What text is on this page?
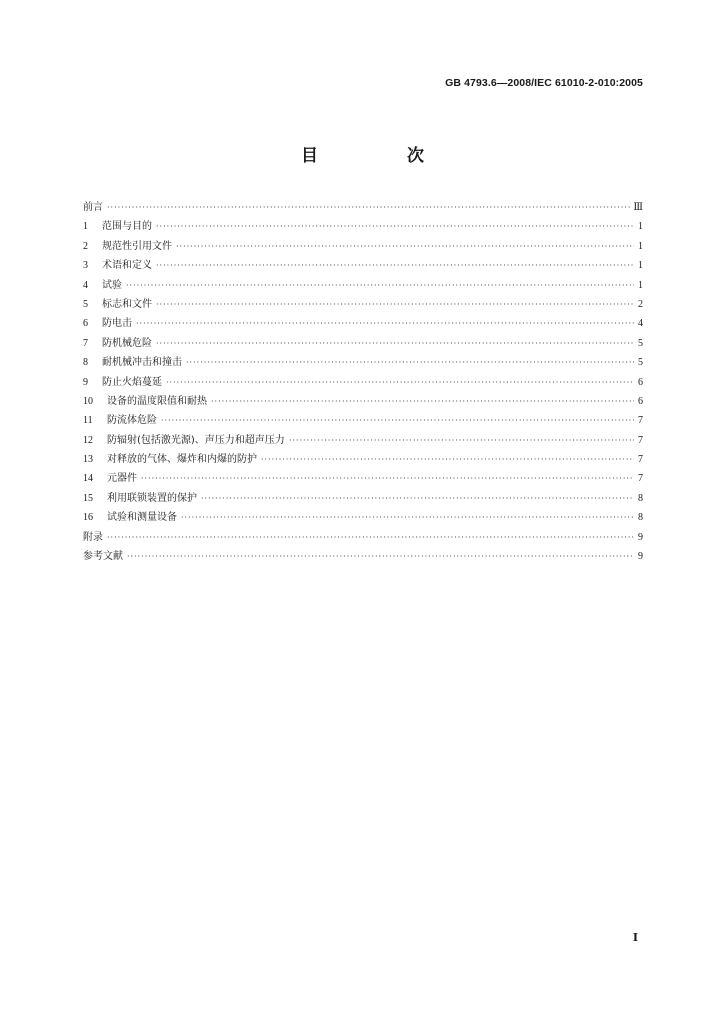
GB 4793.6—2008/IEC 61010-2-010:2005
目　次
前言 ·····	Ⅲ
1	范围与目的 ·····	1
2	规范性引用文件 ·····	1
3	术语和定义 ·····	1
4	试验 ·····	1
5	标志和文件 ·····	2
6	防电击 ·····	4
7	防机械危险 ·····	5
8	耐机械冲击和撞击 ·····	5
9	防止火焰蔓延 ·····	6
10	设备的温度限值和耐热 ·····	6
11	防流体危险 ·····	7
12	防辐射(包括激光源)、声压力和超声压力 ·····	7
13	对释放的气体、爆炸和内爆的防护 ·····	7
14	元器件 ·····	7
15	利用联锁装置的保护 ·····	8
16	试验和测量设备 ·····	8
附录 ·····	9
参考文献 ·····	9
Ⅰ
